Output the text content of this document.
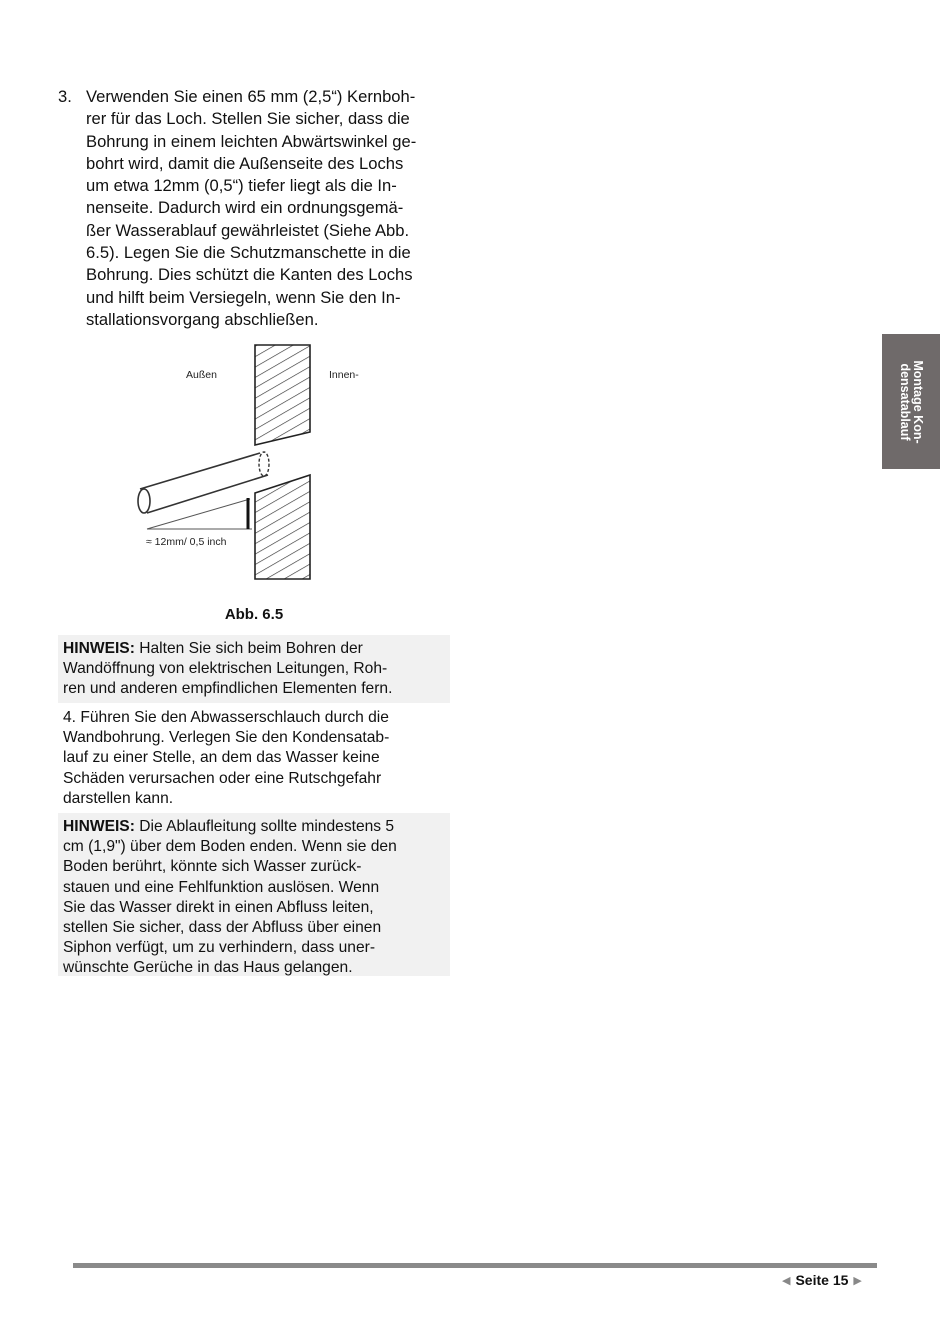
3. Verwenden Sie einen 65 mm (2,5“) Kernboh-
rer für das Loch. Stellen Sie sicher, dass die
Bohrung in einem leichten Abwärtswinkel ge-
bohrt wird, damit die Außenseite des Lochs
um etwa 12mm (0,5“) tiefer liegt als die In-
nenseite. Dadurch wird ein ordnungsgemä-
ßer Wasserablauf gewährleistet (Siehe Abb.
6.5). Legen Sie die Schutzmanschette in die
Bohrung. Dies schützt die Kanten des Lochs
und hilft beim Versiegeln, wenn Sie den In-
stallationsvorgang abschließen.
Außen	Innen-
≈ 12mm/ 0,5 inch
Abb. 6.5
HINWEIS: Halten Sie sich beim Bohren der
Wandöffnung von elektrischen Leitungen, Roh-
ren und anderen empfindlichen Elementen fern.
4. Führen Sie den Abwasserschlauch durch die
Wandbohrung. Verlegen Sie den Kondensatab-
lauf zu einer Stelle, an dem das Wasser keine
Schäden verursachen oder eine Rutschgefahr
darstellen kann.
HINWEIS: Die Ablaufleitung sollte mindestens 5
cm (1,9") über dem Boden enden. Wenn sie den
Boden berührt, könnte sich Wasser zurück-
stauen und eine Fehlfunktion auslösen. Wenn
Sie das Wasser direkt in einen Abfluss leiten,
stellen Sie sicher, dass der Abfluss über einen
Siphon verfügt, um zu verhindern, dass uner-
wünschte Gerüche in das Haus gelangen.
Montage Kon-
densatablauf
◀ Seite 15 ▶
